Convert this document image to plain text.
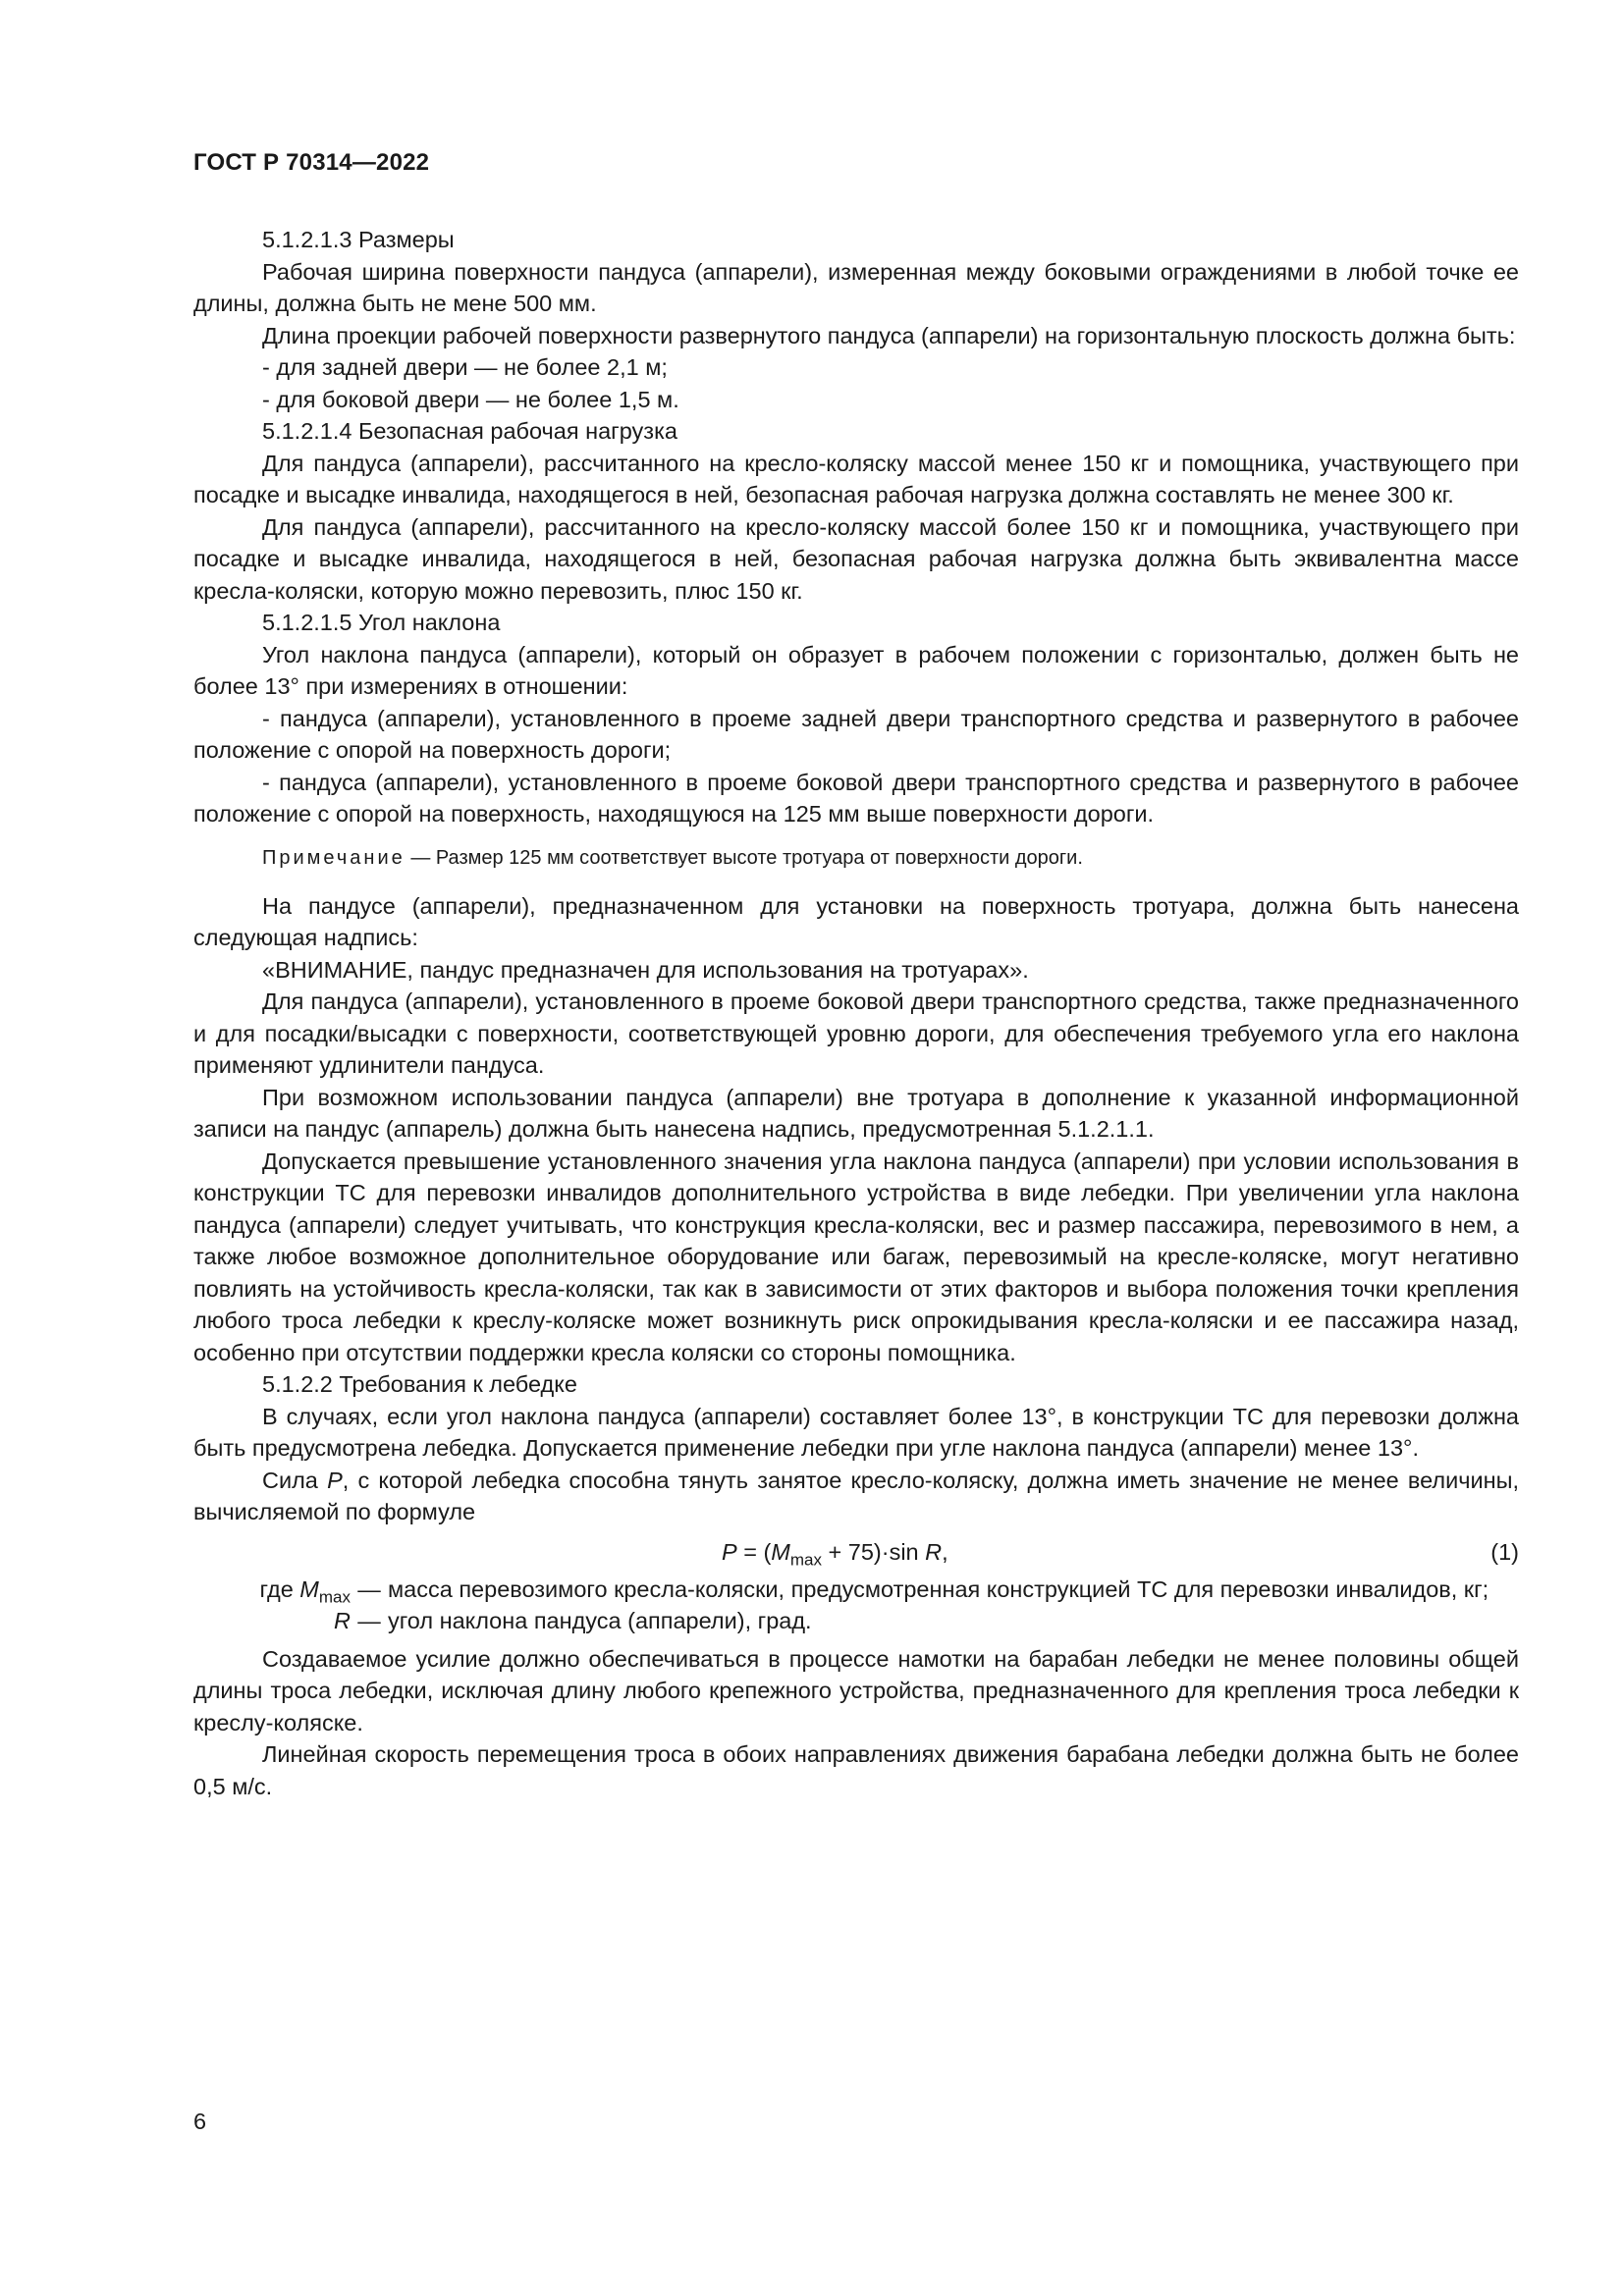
ГОСТ Р 70314—2022

5.1.2.1.3 Размеры

Рабочая ширина поверхности пандуса (аппарели), измеренная между боковыми ограждениями в любой точке ее длины, должна быть не мене 500 мм.

Длина проекции рабочей поверхности развернутого пандуса (аппарели) на горизонтальную плоскость должна быть:

- для задней двери — не более 2,1 м;

- для боковой двери — не более 1,5 м.

5.1.2.1.4 Безопасная рабочая нагрузка

Для пандуса (аппарели), рассчитанного на кресло-коляску массой менее 150 кг и помощника, участвующего при посадке и высадке инвалида, находящегося в ней, безопасная рабочая нагрузка должна составлять не менее 300 кг.

Для пандуса (аппарели), рассчитанного на кресло-коляску массой более 150 кг и помощника, участвующего при посадке и высадке инвалида, находящегося в ней, безопасная рабочая нагрузка должна быть эквивалентна массе кресла-коляски, которую можно перевозить, плюс 150 кг.

5.1.2.1.5 Угол наклона

Угол наклона пандуса (аппарели), который он образует в рабочем положении с горизонталью, должен быть не более 13° при измерениях в отношении:

- пандуса (аппарели), установленного в проеме задней двери транспортного средства и развернутого в рабочее положение с опорой на поверхность дороги;

- пандуса (аппарели), установленного в проеме боковой двери транспортного средства и развернутого в рабочее положение с опорой на поверхность, находящуюся на 125 мм выше поверхности дороги.

Примечание — Размер 125 мм соответствует высоте тротуара от поверхности дороги.

На пандусе (аппарели), предназначенном для установки на поверхность тротуара, должна быть нанесена следующая надпись:

«ВНИМАНИЕ, пандус предназначен для использования на тротуарах».

Для пандуса (аппарели), установленного в проеме боковой двери транспортного средства, также предназначенного и для посадки/высадки с поверхности, соответствующей уровню дороги, для обеспечения требуемого угла его наклона применяют удлинители пандуса.

При возможном использовании пандуса (аппарели) вне тротуара в дополнение к указанной информационной записи на пандус (аппарель) должна быть нанесена надпись, предусмотренная 5.1.2.1.1.

Допускается превышение установленного значения угла наклона пандуса (аппарели) при условии использования в конструкции ТС для перевозки инвалидов дополнительного устройства в виде лебедки. При увеличении угла наклона пандуса (аппарели) следует учитывать, что конструкция кресла-коляски, вес и размер пассажира, перевозимого в нем, а также любое возможное дополнительное оборудование или багаж, перевозимый на кресле-коляске, могут негативно повлиять на устойчивость кресла-коляски, так как в зависимости от этих факторов и выбора положения точки крепления любого троса лебедки к креслу-коляске может возникнуть риск опрокидывания кресла-коляски и ее пассажира назад, особенно при отсутствии поддержки кресла коляски со стороны помощника.

5.1.2.2 Требования к лебедке

В случаях, если угол наклона пандуса (аппарели) составляет более 13°, в конструкции ТС для перевозки должна быть предусмотрена лебедка. Допускается применение лебедки при угле наклона пандуса (аппарели) менее 13°.

Сила P, с которой лебедка способна тянуть занятое кресло-коляску, должна иметь значение не менее величины, вычисляемой по формуле

$P = (M_{max} + 75)\cdot\sin$ R,	(1)
где $M_{max}$ — масса перевозимого кресла-коляски, предусмотренная конструкцией ТС для перевозки инвалидов, кг;
R — угол наклона пандуса (аппарели), град.

Создаваемое усилие должно обеспечиваться в процессе намотки на барабан лебедки не менее половины общей длины троса лебедки, исключая длину любого крепежного устройства, предназначенного для крепления троса лебедки к креслу-коляске.

Линейная скорость перемещения троса в обоих направлениях движения барабана лебедки должна быть не более 0,5 м/с.

6
